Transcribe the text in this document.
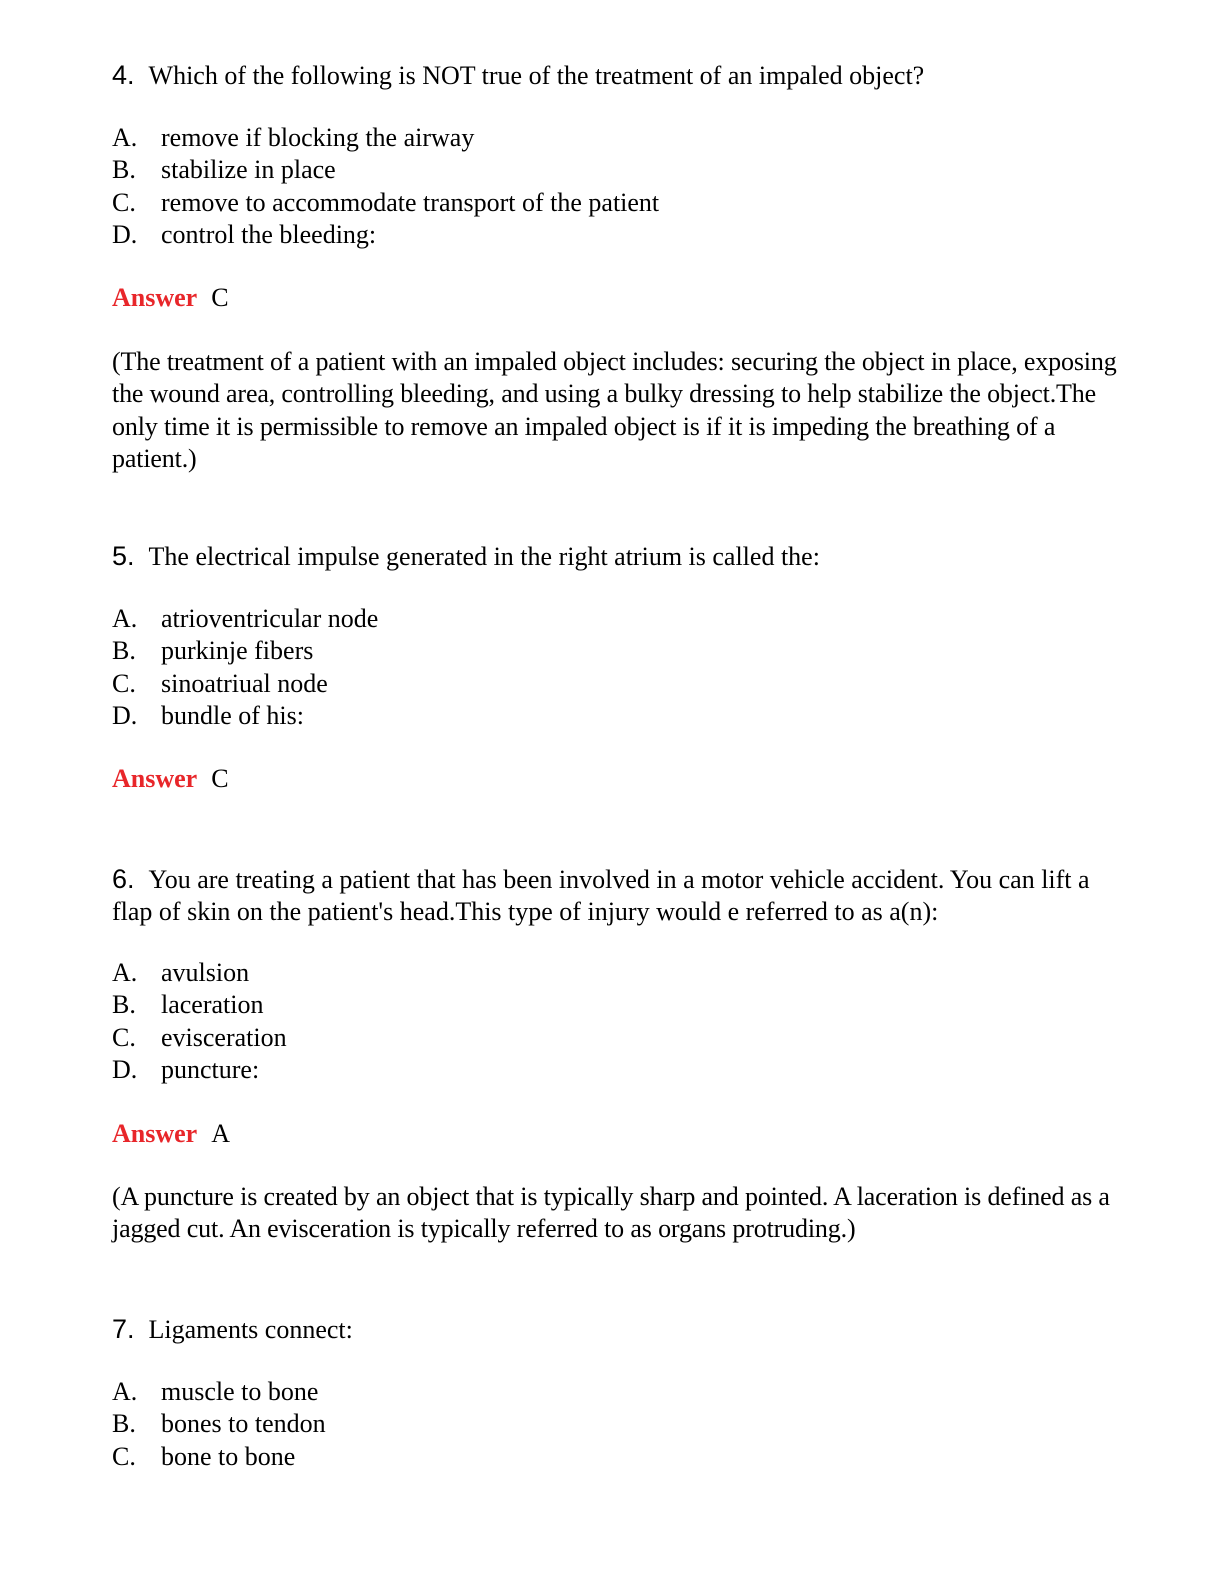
4. Which of the following is NOT true of the treatment of an impaled object?

A. remove if blocking the airway
B. stabilize in place
C. remove to accommodate transport of the patient
D. control the bleeding:

Answer C

(The treatment of a patient with an impaled object includes: securing the object in place, exposing the wound area, controlling bleeding, and using a bulky dressing to help stabilize the object.The only time it is permissible to remove an impaled object is if it is impeding the breathing of a patient.)

5. The electrical impulse generated in the right atrium is called the:

A. atrioventricular node
B. purkinje fibers
C. sinoatriual node
D. bundle of his:

Answer C

6. You are treating a patient that has been involved in a motor vehicle accident. You can lift a flap of skin on the patient's head.This type of injury would e referred to as a(n):

A. avulsion
B. laceration
C. evisceration
D. puncture:

Answer A

(A puncture is created by an object that is typically sharp and pointed. A laceration is defined as a jagged cut. An evisceration is typically referred to as organs protruding.)

7. Ligaments connect:

A. muscle to bone
B. bones to tendon
C. bone to bone
